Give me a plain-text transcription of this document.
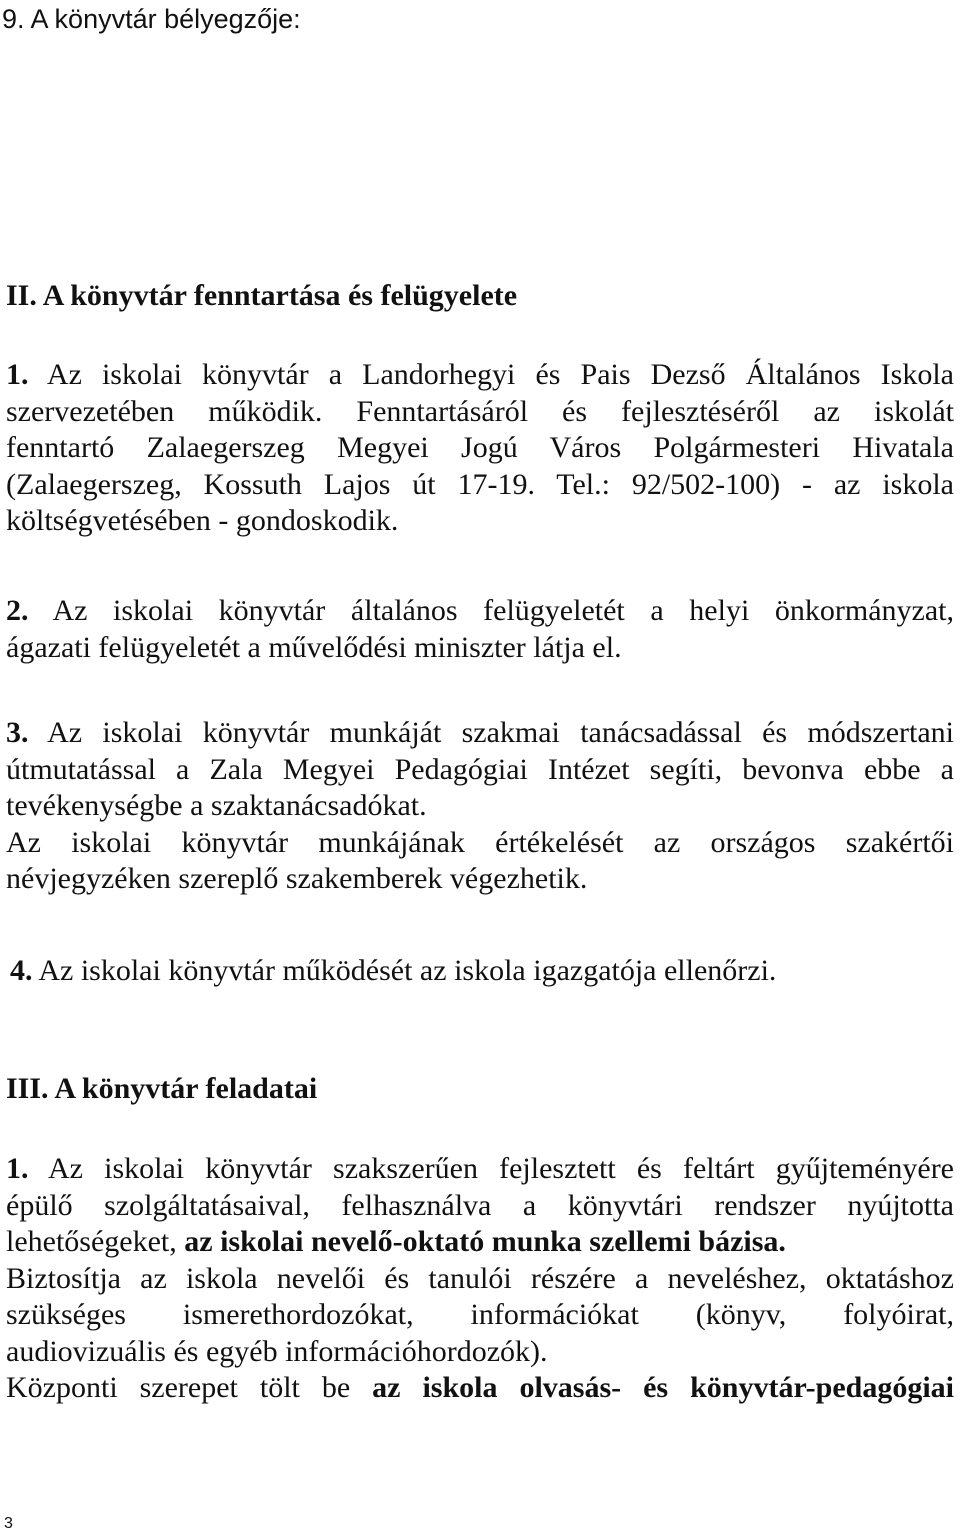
9. A könyvtár bélyegzője:
II. A könyvtár fenntartása és felügyelete
1. Az iskolai könyvtár a Landorhegyi és Pais Dezső Általános Iskola
szervezetében működik. Fenntartásáról és fejlesztéséről az iskolát
fenntartó Zalaegerszeg Megyei Jogú Város Polgármesteri Hivatala
(Zalaegerszeg, Kossuth Lajos út 17-19. Tel.: 92/502-100) - az iskola
költségvetésében - gondoskodik.
2. Az iskolai könyvtár általános felügyeletét a helyi önkormányzat,
ágazati felügyeletét a művelődési miniszter látja el.
3. Az iskolai könyvtár munkáját szakmai tanácsadással és módszertani
útmutatással a Zala Megyei Pedagógiai Intézet segíti, bevonva ebbe a
tevékenységbe a szaktanácsadókat.
Az iskolai könyvtár munkájának értékelését az országos szakértői
névjegyzéken szereplő szakemberek végezhetik.
4. Az iskolai könyvtár működését az iskola igazgatója ellenőrzi.
III. A könyvtár feladatai
1. Az iskolai könyvtár szakszerűen fejlesztett és feltárt gyűjteményére
épülő szolgáltatásaival, felhasználva a könyvtári rendszer nyújtotta
lehetőségeket, az iskolai nevelő-oktató munka szellemi bázisa.
Biztosítja az iskola nevelői és tanulói részére a neveléshez, oktatáshoz
szükséges ismerethordozókat, információkat (könyv, folyóirat,
audiovizuális és egyéb információhordozók).
Központi szerepet tölt be az iskola olvasás- és könyvtár-pedagógiai
3
